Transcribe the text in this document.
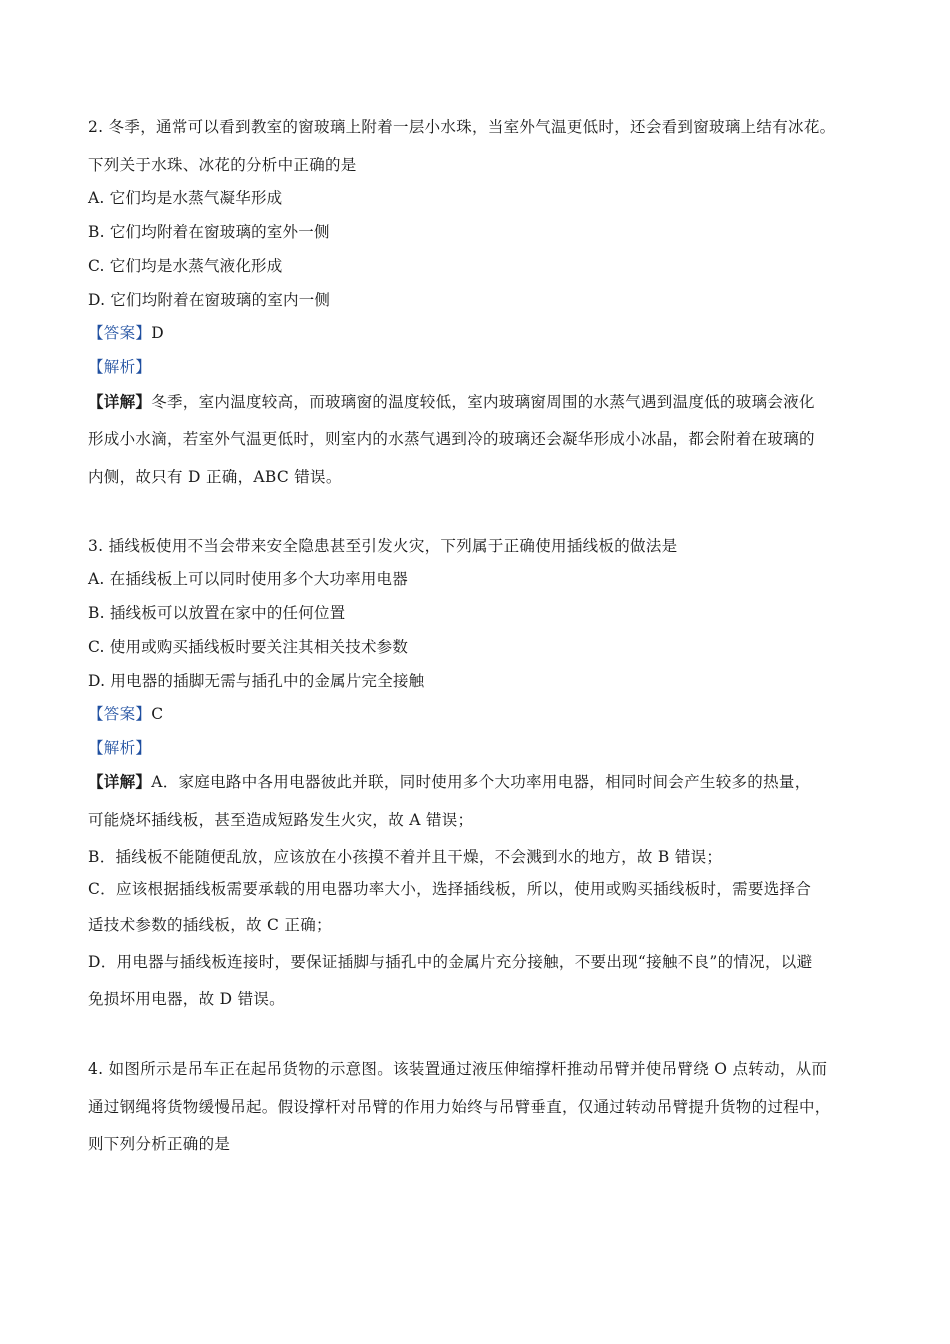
2. 冬季，通常可以看到教室的窗玻璃上附着一层小水珠，当室外气温更低时，还会看到窗玻璃上结有冰花。
下列关于水珠、冰花的分析中正确的是
A. 它们均是水蒸气凝华形成
B. 它们均附着在窗玻璃的室外一侧
C. 它们均是水蒸气液化形成
D. 它们均附着在窗玻璃的室内一侧
【答案】D
【解析】
【详解】冬季，室内温度较高，而玻璃窗的温度较低，室内玻璃窗周围的水蒸气遇到温度低的玻璃会液化
形成小水滴，若室外气温更低时，则室内的水蒸气遇到冷的玻璃还会凝华形成小冰晶，都会附着在玻璃的
内侧，故只有 D 正确，ABC 错误。
3. 插线板使用不当会带来安全隐患甚至引发火灾，下列属于正确使用插线板的做法是
A. 在插线板上可以同时使用多个大功率用电器
B. 插线板可以放置在家中的任何位置
C. 使用或购买插线板时要关注其相关技术参数
D. 用电器的插脚无需与插孔中的金属片完全接触
【答案】C
【解析】
【详解】A．家庭电路中各用电器彼此并联，同时使用多个大功率用电器，相同时间会产生较多的热量，
可能烧坏插线板，甚至造成短路发生火灾，故 A 错误；
B．插线板不能随便乱放，应该放在小孩摸不着并且干燥，不会溅到水的地方，故 B 错误；
C．应该根据插线板需要承载的用电器功率大小，选择插线板，所以，使用或购买插线板时，需要选择合
适技术参数的插线板，故 C 正确；
D．用电器与插线板连接时，要保证插脚与插孔中的金属片充分接触，不要出现“接触不良”的情况，以避
免损坏用电器，故 D 错误。
4. 如图所示是吊车正在起吊货物的示意图。该装置通过液压伸缩撑杆推动吊臂并使吊臂绕 O 点转动，从而
通过钢绳将货物缓慢吊起。假设撑杆对吊臂的作用力始终与吊臂垂直，仅通过转动吊臂提升货物的过程中，
则下列分析正确的是
